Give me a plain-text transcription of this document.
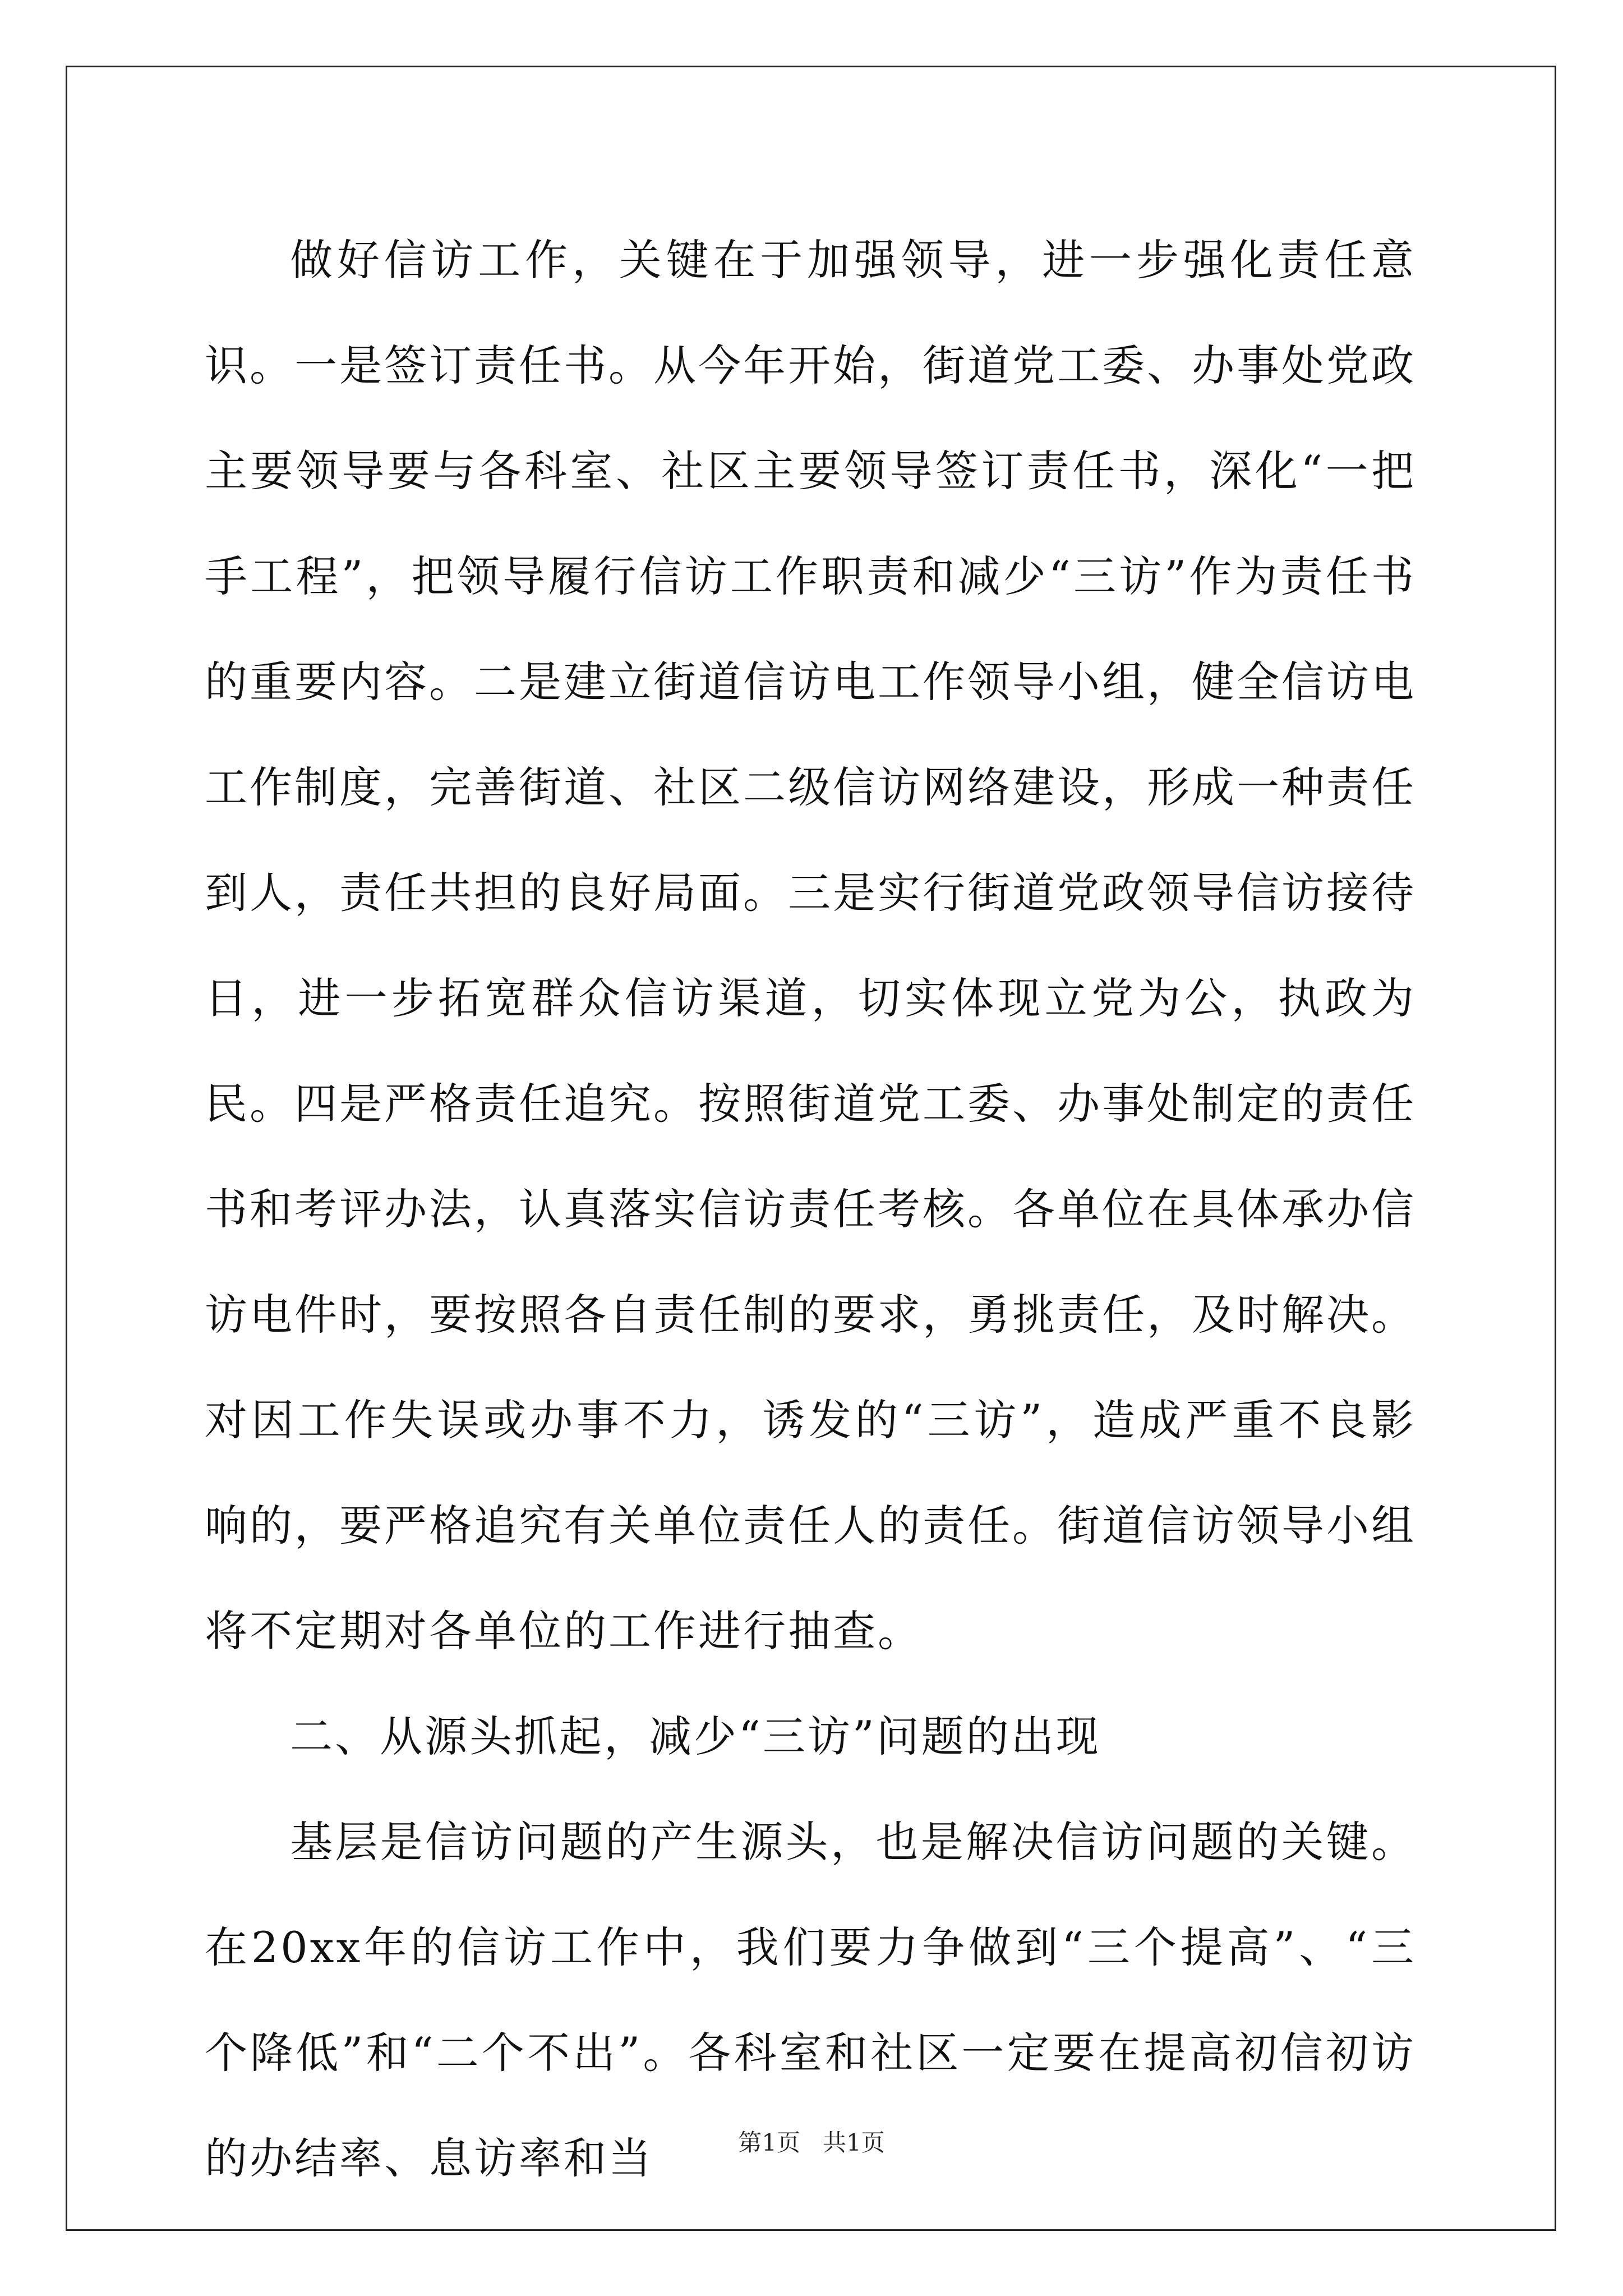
做好信访工作，关键在于加强领导，进一步强化责任意识。一是签订责任书。从今年开始，街道党工委、办事处党政主要领导要与各科室、社区主要领导签订责任书，深化“一把手工程”，把领导履行信访工作职责和减少“三访”作为责任书的重要内容。二是建立街道信访电工作领导小组，健全信访电工作制度，完善街道、社区二级信访网络建设，形成一种责任到人，责任共担的良好局面。三是实行街道党政领导信访接待日，进一步拓宽群众信访渠道，切实体现立党为公，执政为民。四是严格责任追究。按照街道党工委、办事处制定的责任书和考评办法，认真落实信访责任考核。各单位在具体承办信访电件时，要按照各自责任制的要求，勇挑责任，及时解决。对因工作失误或办事不力，诱发的“三访”，造成严重不良影响的，要严格追究有关单位责任人的责任。街道信访领导小组将不定期对各单位的工作进行抽查。

二、从源头抓起，减少“三访”问题的出现

基层是信访问题的产生源头，也是解决信访问题的关键。在20xx年的信访工作中，我们要力争做到“三个提高”、“三个降低”和“二个不出”。各科室和社区一定要在提高初信初访的办结率、息访率和当	第1页 共1页
